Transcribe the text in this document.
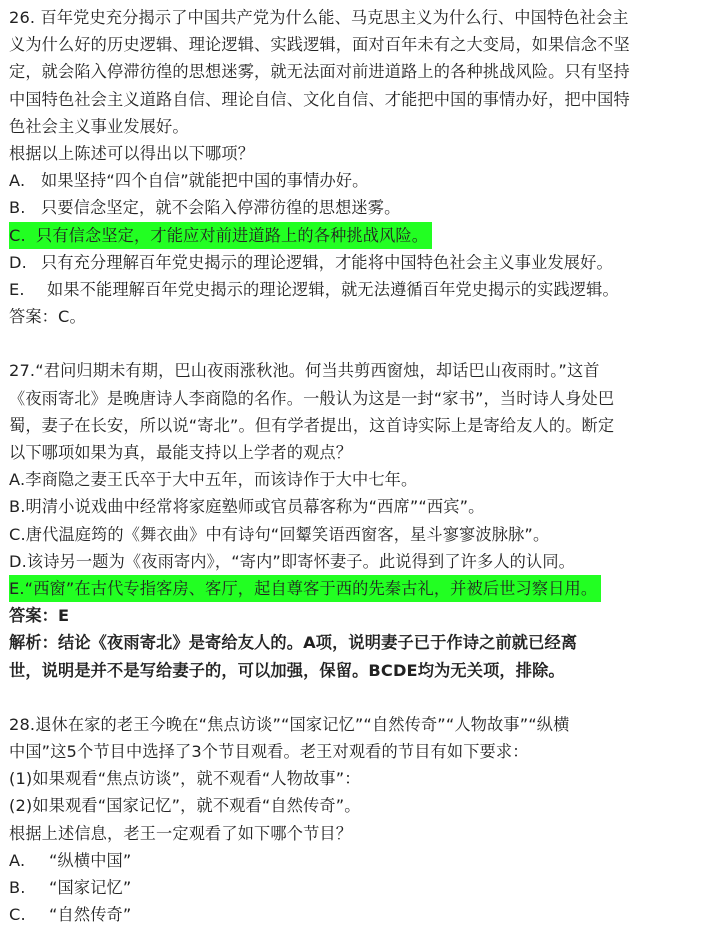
26. 百年党史充分揭示了中国共产党为什么能、马克思主义为什么行、中国特色社会主
义为什么好的历史逻辑、理论逻辑、实践逻辑，面对百年未有之大变局，如果信念不坚
定，就会陷入停滞彷徨的思想迷雾，就无法面对前进道路上的各种挑战风险。只有坚持
中国特色社会主义道路自信、理论自信、文化自信、才能把中国的事情办好，把中国特
色社会主义事业发展好。
根据以上陈述可以得出以下哪项？
A. 如果坚持“四个自信”就能把中国的事情办好。
B. 只要信念坚定，就不会陷入停滞彷徨的思想迷雾。
C. 只有信念坚定，才能应对前进道路上的各种挑战风险。
D. 只有充分理解百年党史揭示的理论逻辑，才能将中国特色社会主义事业发展好。
E. 如果不能理解百年党史揭示的理论逻辑，就无法遵循百年党史揭示的实践逻辑。
答案：C。
27.“君问归期未有期，巴山夜雨涨秋池。何当共剪西窗烛，却话巴山夜雨时。”这首
《夜雨寄北》是晚唐诗人李商隐的名作。一般认为这是一封“家书”，当时诗人身处巴
蜀，妻子在长安，所以说“寄北”。但有学者提出，这首诗实际上是寄给友人的。断定
以下哪项如果为真，最能支持以上学者的观点？
A.李商隐之妻王氏卒于大中五年，而该诗作于大中七年。
B.明清小说戏曲中经常将家庭塾师或官员幕客称为“西席”“西宾”。
C.唐代温庭筠的《舞衣曲》中有诗句“回颦笑语西窗客，星斗寥寥波脉脉”。
D.该诗另一题为《夜雨寄内》，“寄内”即寄怀妻子。此说得到了许多人的认同。
E.“西窗”在古代专指客房、客厅，起自尊客于西的先秦古礼，并被后世习察日用。
答案：E
解析：结论《夜雨寄北》是寄给友人的。A项，说明妻子已于作诗之前就已经离
世，说明是并不是写给妻子的，可以加强，保留。BCDE均为无关项，排除。
28.退休在家的老王今晚在“焦点访谈”“国家记忆”“自然传奇”“人物故事”“纵横
中国”这5个节目中选择了3个节目观看。老王对观看的节目有如下要求：
(1)如果观看“焦点访谈”，就不观看“人物故事”：
(2)如果观看“国家记忆”，就不观看“自然传奇”。
根据上述信息，老王一定观看了如下哪个节目？
A. “纵横中国”
B. “国家记忆”
C. “自然传奇”
